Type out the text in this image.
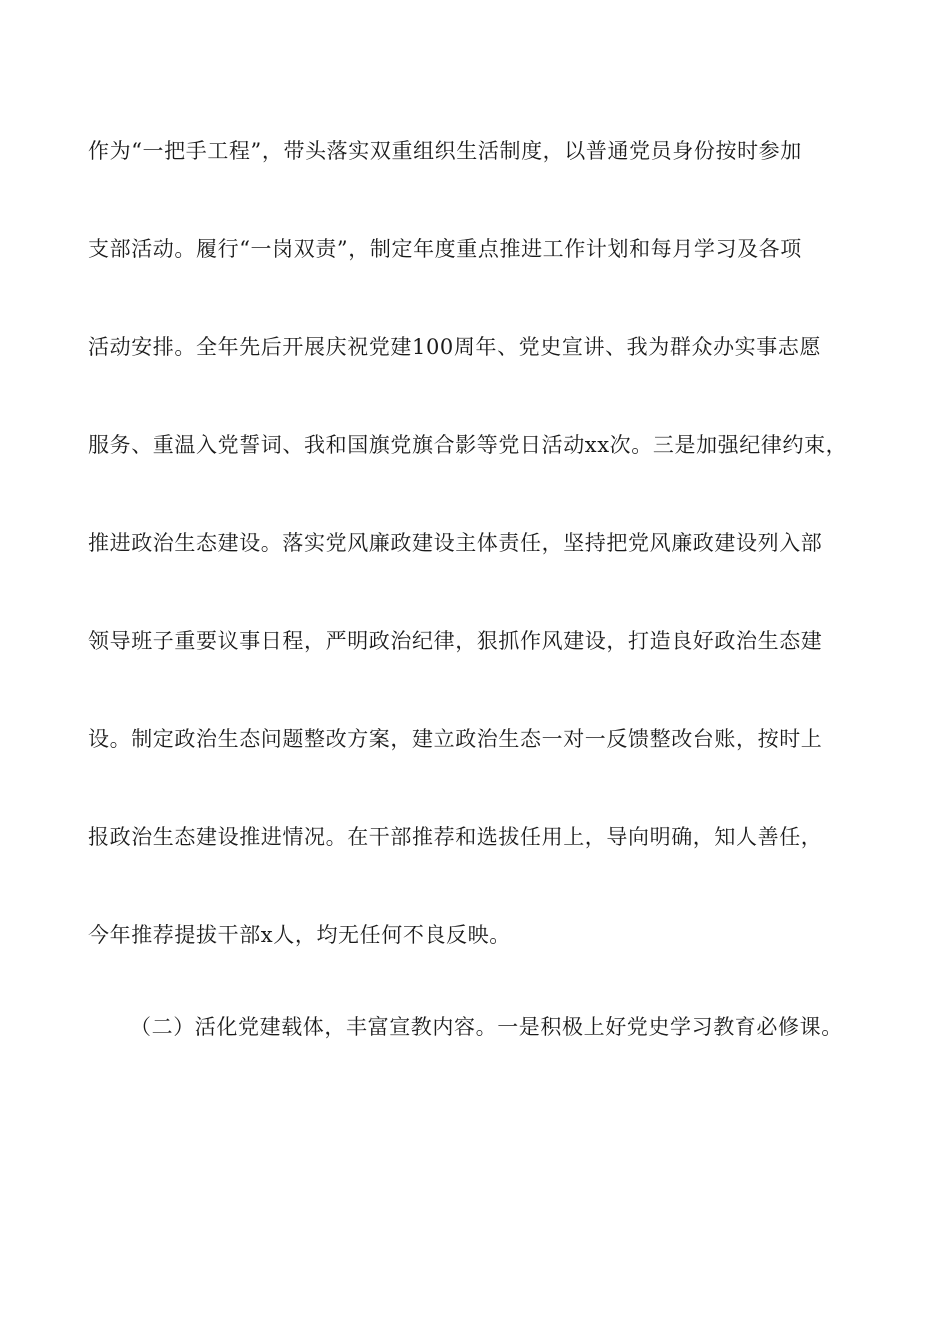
作为“一把手工程”，带头落实双重组织生活制度，以普通党员身份按时参加
支部活动。履行“一岗双责”，制定年度重点推进工作计划和每月学习及各项
活动安排。全年先后开展庆祝党建100周年、党史宣讲、我为群众办实事志愿
服务、重温入党誓词、我和国旗党旗合影等党日活动xx次。三是加强纪律约束，
推进政治生态建设。落实党风廉政建设主体责任，坚持把党风廉政建设列入部
领导班子重要议事日程，严明政治纪律，狠抓作风建设，打造良好政治生态建
设。制定政治生态问题整改方案，建立政治生态一对一反馈整改台账，按时上
报政治生态建设推进情况。在干部推荐和选拔任用上，导向明确，知人善任，
今年推荐提拔干部x人，均无任何不良反映。
（二）活化党建载体，丰富宣教内容。一是积极上好党史学习教育必修课。
